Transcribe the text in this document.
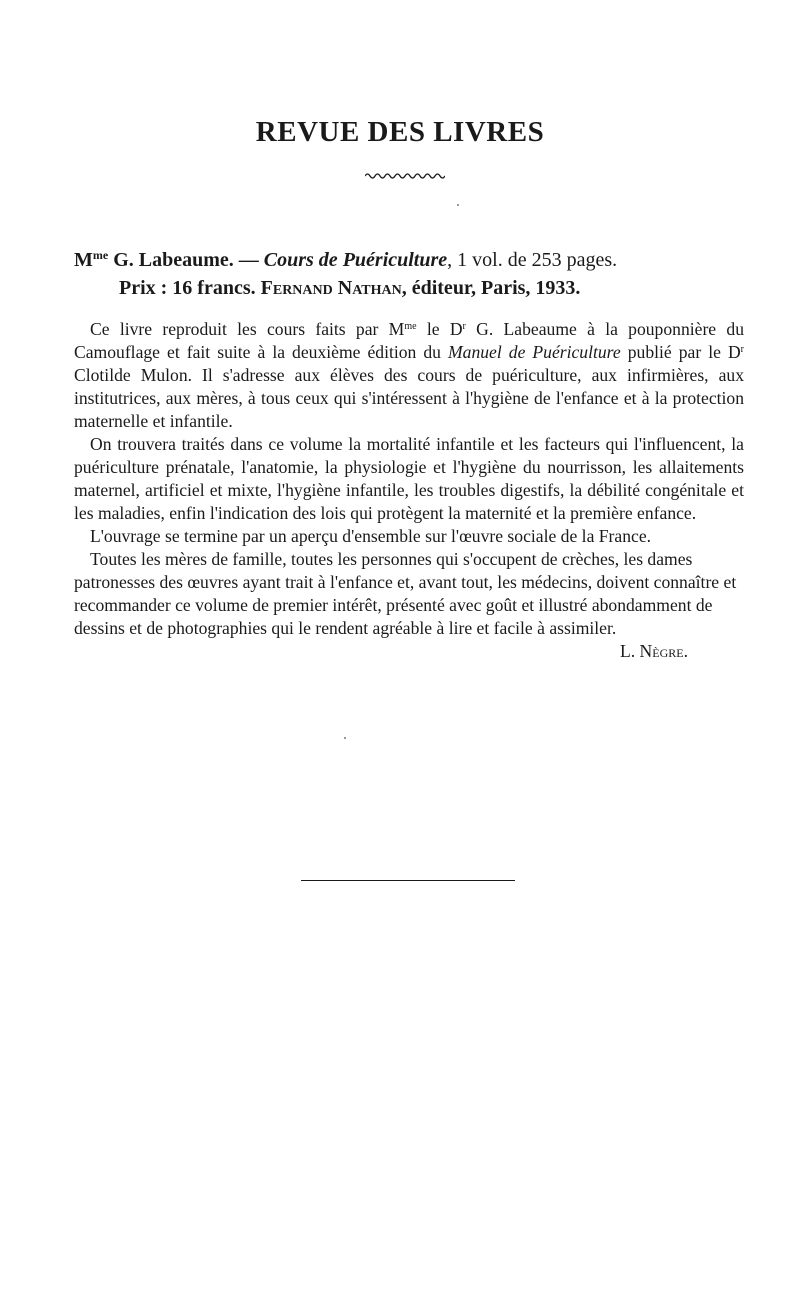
REVUE DES LIVRES
$M^{me}$ G. Labeaume. — Cours de Puériculture, 1 vol. de 253 pages.
Prix : 16 francs. Fernand Nathan, éditeur, Paris, 1933.

Ce livre reproduit les cours faits par $M^{me}$ le $D^r$ G. Labeaume à la pouponnière du Camouflage et fait suite à la deuxième édition du Manuel de Puériculture publié par le $D^r$ Clotilde Mulon. Il s'adresse aux élèves des cours de puériculture, aux infirmières, aux institutrices, aux mères, à tous ceux qui s'intéressent à l'hygiène de l'enfance et à la protection maternelle et infantile.

On trouvera traités dans ce volume la mortalité infantile et les facteurs qui l'influencent, la puériculture prénatale, l'anatomie, la physiologie et l'hygiène du nourrisson, les allaitements maternel, artificiel et mixte, l'hygiène infantile, les troubles digestifs, la débilité congénitale et les maladies, enfin l'indication des lois qui protègent la maternité et la première enfance.

L'ouvrage se termine par un aperçu d'ensemble sur l'œuvre sociale de la France.

Toutes les mères de famille, toutes les personnes qui s'occupent de crèches, les dames patronesses des œuvres ayant trait à l'enfance et, avant tout, les médecins, doivent connaître et recommander ce volume de premier intérêt, présenté avec goût et illustré abondamment de dessins et de photographies qui le rendent agréable à lire et facile à assimiler.
L. Nègre.
